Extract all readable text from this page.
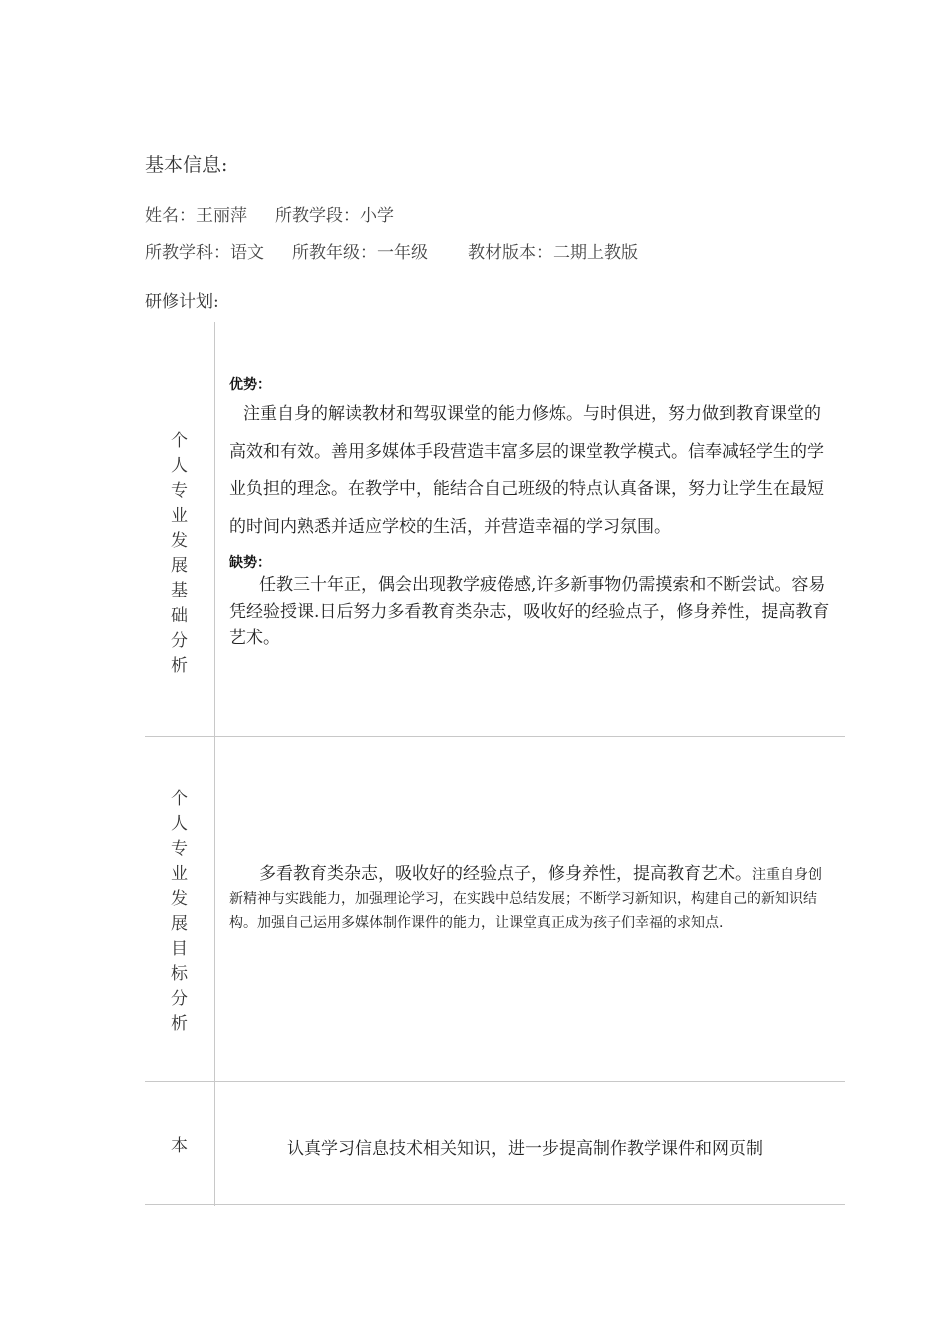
基本信息:
姓名：王丽萍 所教学段：小学
所教学科：语文 所教年级：一年级 教材版本：二期上教版
研修计划:
个
人
专
业
发
展
基
础
分
析
优势：

注重自身的解读教材和驾驭课堂的能力修炼。与时俱进，努力做到教育课堂的高效和有效。善用多媒体手段营造丰富多层的课堂教学模式。信奉减轻学生的学业负担的理念。在教学中，能结合自己班级的特点认真备课，努力让学生在最短的时间内熟悉并适应学校的生活，并营造幸福的学习氛围。

缺势：

任教三十年正，偶会出现教学疲倦感,许多新事物仍需摸索和不断尝试。容易凭经验授课.日后努力多看教育类杂志，吸收好的经验点子，修身养性，提高教育艺术。

个
人
专
业
发
展
目
标
分
析

多看教育类杂志，吸收好的经验点子，修身养性，提高教育艺术。注重自身创新精神与实践能力，加强理论学习，在实践中总结发展；不断学习新知识，构建自己的新知识结构。加强自己运用多媒体制作课件的能力，让课堂真正成为孩子们幸福的求知点.

本	认真学习信息技术相关知识，进一步提高制作教学课件和网页制
